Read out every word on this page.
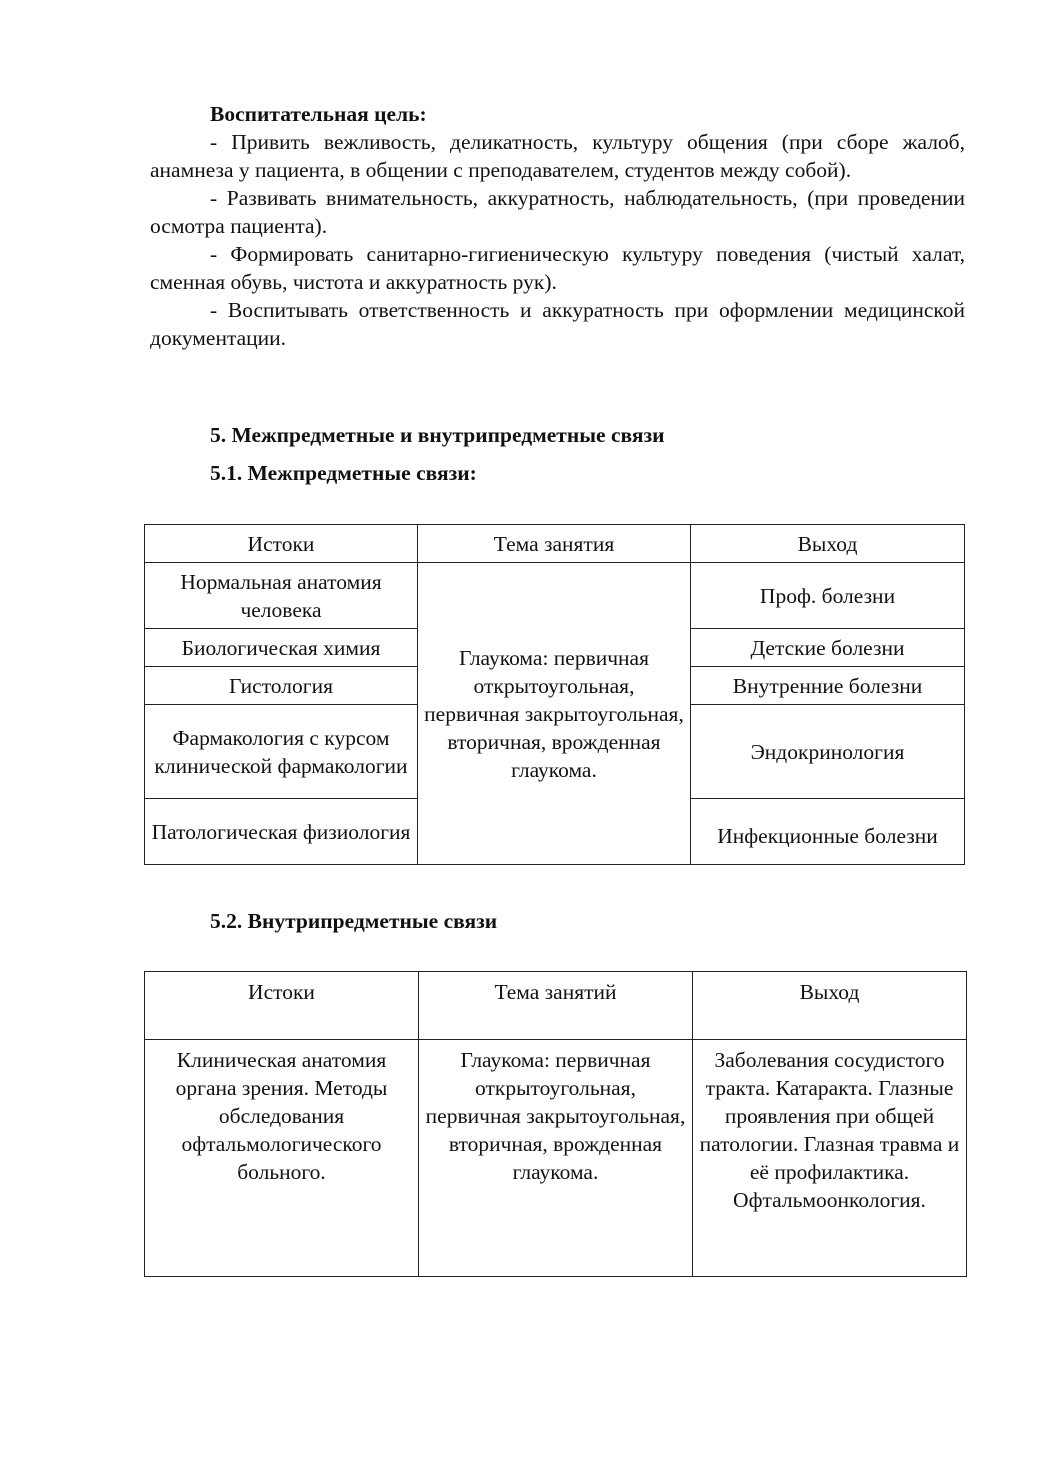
Воспитательная цель:
- Привить вежливость, деликатность, культуру общения (при сборе жалоб, анамнеза у пациента, в общении с преподавателем, студентов между собой).
- Развивать внимательность, аккуратность, наблюдательность, (при проведении осмотра пациента).
- Формировать санитарно-гигиеническую культуру поведения (чистый халат, сменная обувь, чистота и аккуратность рук).
- Воспитывать ответственность и аккуратность при оформлении медицинской документации.
5. Межпредметные и внутрипредметные связи
5.1. Межпредметные связи:
Истоки	Тема занятия	Выход
Нормальная анатомия человека	Глаукома: первичная открытоугольная, первичная закрытоугольная, вторичная, врожденная глаукома.	Проф. болезни
Биологическая химия		Детские болезни
Гистология		Внутренние болезни
Фармакология с курсом клинической фармакологии		Эндокринология
Патологическая физиология		Инфекционные болезни
5.2. Внутрипредметные связи
Истоки	Тема занятий	Выход
Клиническая анатомия органа зрения. Методы обследования офтальмологического больного.	Глаукома: первичная открытоугольная, первичная закрытоугольная, вторичная, врожденная глаукома.	Заболевания сосудистого тракта. Катаракта. Глазные проявления при общей патологии. Глазная травма и её профилактика. Офтальмоонкология.
